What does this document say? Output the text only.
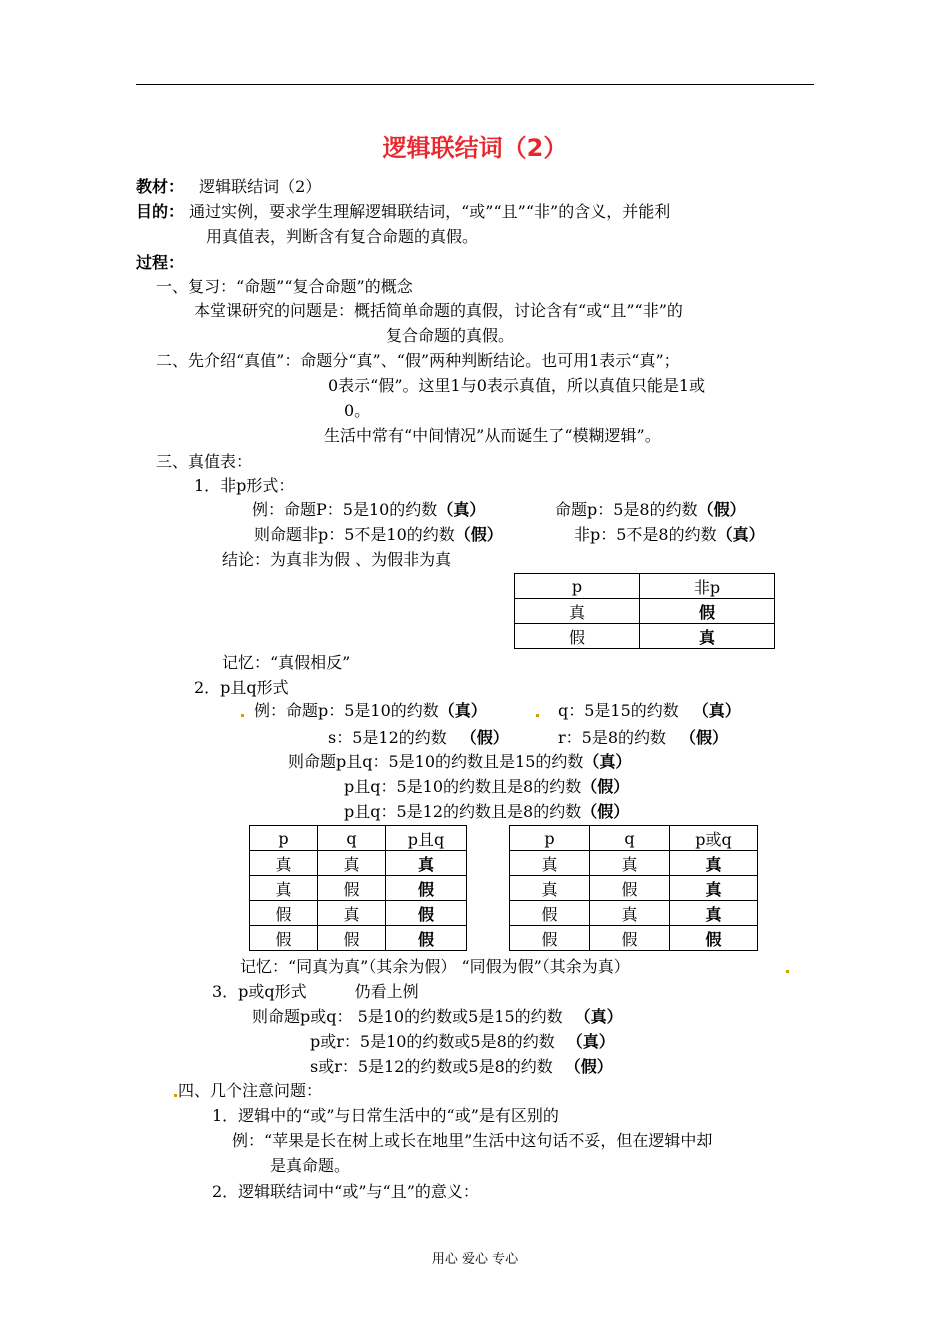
逻辑联结词（2）
教材： 逻辑联结词（2）
目的： 通过实例，要求学生理解逻辑联结词，“或”“且”“非”的含义，并能利
用真值表，判断含有复合命题的真假。
过程：
一、复习：“命题”“复合命题”的概念
本堂课研究的问题是：概括简单命题的真假，讨论含有“或“且”“非”的
复合命题的真假。
二、先介绍“真值”：命题分“真”、“假”两种判断结论。也可用1表示“真”；
0表示“假”。这里1与0表示真值，所以真值只能是1或
0。
生活中常有“中间情况”从而诞生了“模糊逻辑”。
三、真值表：
1．非p形式：
例：命题P：5是10的约数（真）	命题p：5是8的约数（假）
则命题非p：5不是10的约数（假）	非p：5不是8的约数（真）
结论：为真非为假 、为假非为真
p	非p
真	假
假	真
记忆：“真假相反”
2．p且q形式
例：命题p：5是10的约数（真）	q：5是15的约数 （真）
s：5是12的约数 （假）	r：5是8的约数 （假）
则命题p且q：5是10的约数且是15的约数（真）
p且q：5是10的约数且是8的约数（假）
p且q：5是12的约数且是8的约数（假）
p	q	p且q
真	真	真
真	假	假
假	真	假
假	假	假
p	q	p或q
真	真	真
真	假	真
假	真	真
假	假	假
记忆：“同真为真”（其余为假） “同假为假”（其余为真）
3．p或q形式	仍看上例
则命题p或q： 5是10的约数或5是15的约数 （真）
p或r：5是10的约数或5是8的约数 （真）
s或r：5是12的约数或5是8的约数 （假）
四、几个注意问题：
1．逻辑中的“或”与日常生活中的“或”是有区别的
例：“苹果是长在树上或长在地里”生活中这句话不妥，但在逻辑中却
是真命题。
2．逻辑联结词中“或”与“且”的意义：
用心 爱心 专心
